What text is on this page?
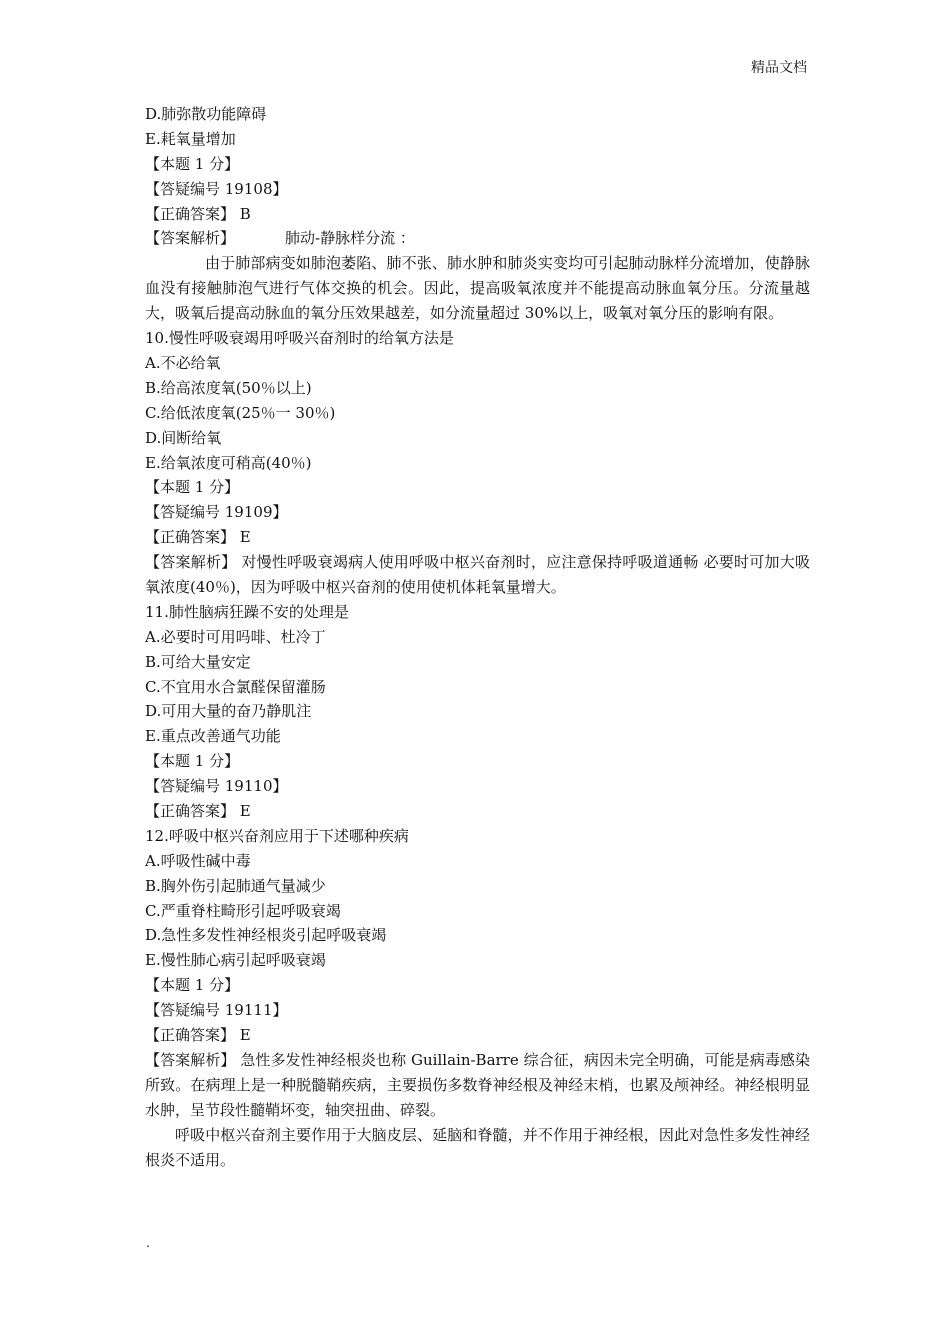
精品文档
D.肺弥散功能障碍
E.耗氧量增加
【本题 1 分】
【答疑编号 19108】
【正确答案】 B
【答案解析】	肺动-静脉样分流 ：
由于肺部病变如肺泡萎陷、肺不张、肺水肿和肺炎实变均可引起肺动脉样分流增加，使静脉血没有接触肺泡气进行气体交换的机会。因此，提高吸氧浓度并不能提高动脉血氧分压。分流量越大，吸氧后提高动脉血的氧分压效果越差，如分流量超过 30%以上，吸氧对氧分压的影响有限。
10.慢性呼吸衰竭用呼吸兴奋剂时的给氧方法是
A.不必给氧
B.给高浓度氧(50％以上)
C.给低浓度氧(25％一 30％)
D.间断给氧
E.给氧浓度可稍高(40％)
【本题 1 分】
【答疑编号 19109】
【正确答案】 E
【答案解析】 对慢性呼吸衰竭病人使用呼吸中枢兴奋剂时，应注意保持呼吸道通畅 必要时可加大吸氧浓度(40％)，因为呼吸中枢兴奋剂的使用使机体耗氧量增大。
11.肺性脑病狂躁不安的处理是
A.必要时可用吗啡、杜冷丁
B.可给大量安定
C.不宜用水合氯醛保留灌肠
D.可用大量的奋乃静肌注
E.重点改善通气功能
【本题 1 分】
【答疑编号 19110】
【正确答案】 E
12.呼吸中枢兴奋剂应用于下述哪种疾病
A.呼吸性碱中毒
B.胸外伤引起肺通气量减少
C.严重脊柱畸形引起呼吸衰竭
D.急性多发性神经根炎引起呼吸衰竭
E.慢性肺心病引起呼吸衰竭
【本题 1 分】
【答疑编号 19111】
【正确答案】 E
【答案解析】 急性多发性神经根炎也称 Guillain-Barre 综合征，病因未完全明确，可能是病毒感染所致。在病理上是一种脱髓鞘疾病，主要损伤多数脊神经根及神经末梢，也累及颅神经。神经根明显水肿，呈节段性髓鞘坏变，轴突扭曲、碎裂。
呼吸中枢兴奋剂主要作用于大脑皮层、延脑和脊髓，并不作用于神经根，因此对急性多发性神经根炎不适用。
.
